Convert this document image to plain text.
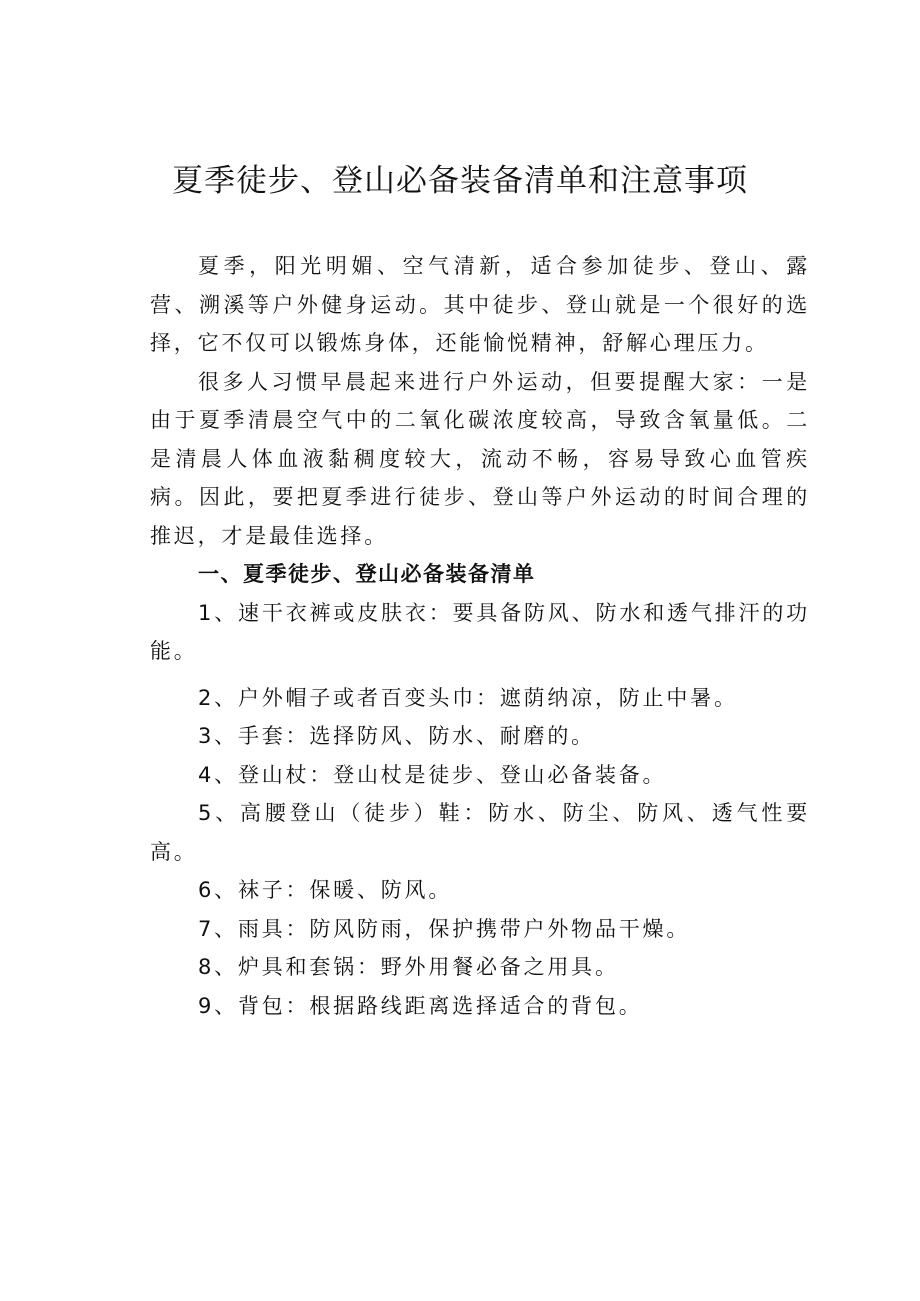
夏季徒步、登山必备装备清单和注意事项

夏季，阳光明媚、空气清新，适合参加徒步、登山、露营、溯溪等户外健身运动。其中徒步、登山就是一个很好的选择，它不仅可以锻炼身体，还能愉悦精神，舒解心理压力。

很多人习惯早晨起来进行户外运动，但要提醒大家：一是由于夏季清晨空气中的二氧化碳浓度较高，导致含氧量低。二是清晨人体血液黏稠度较大，流动不畅，容易导致心血管疾病。因此，要把夏季进行徒步、登山等户外运动的时间合理的推迟，才是最佳选择。

一、夏季徒步、登山必备装备清单

1、速干衣裤或皮肤衣：要具备防风、防水和透气排汗的功能。

2、户外帽子或者百变头巾：遮荫纳凉，防止中暑。

3、手套：选择防风、防水、耐磨的。

4、登山杖：登山杖是徒步、登山必备装备。

5、高腰登山（徒步）鞋：防水、防尘、防风、透气性要高。

6、袜子：保暖、防风。

7、雨具：防风防雨，保护携带户外物品干燥。

8、炉具和套锅：野外用餐必备之用具。

9、背包：根据路线距离选择适合的背包。
